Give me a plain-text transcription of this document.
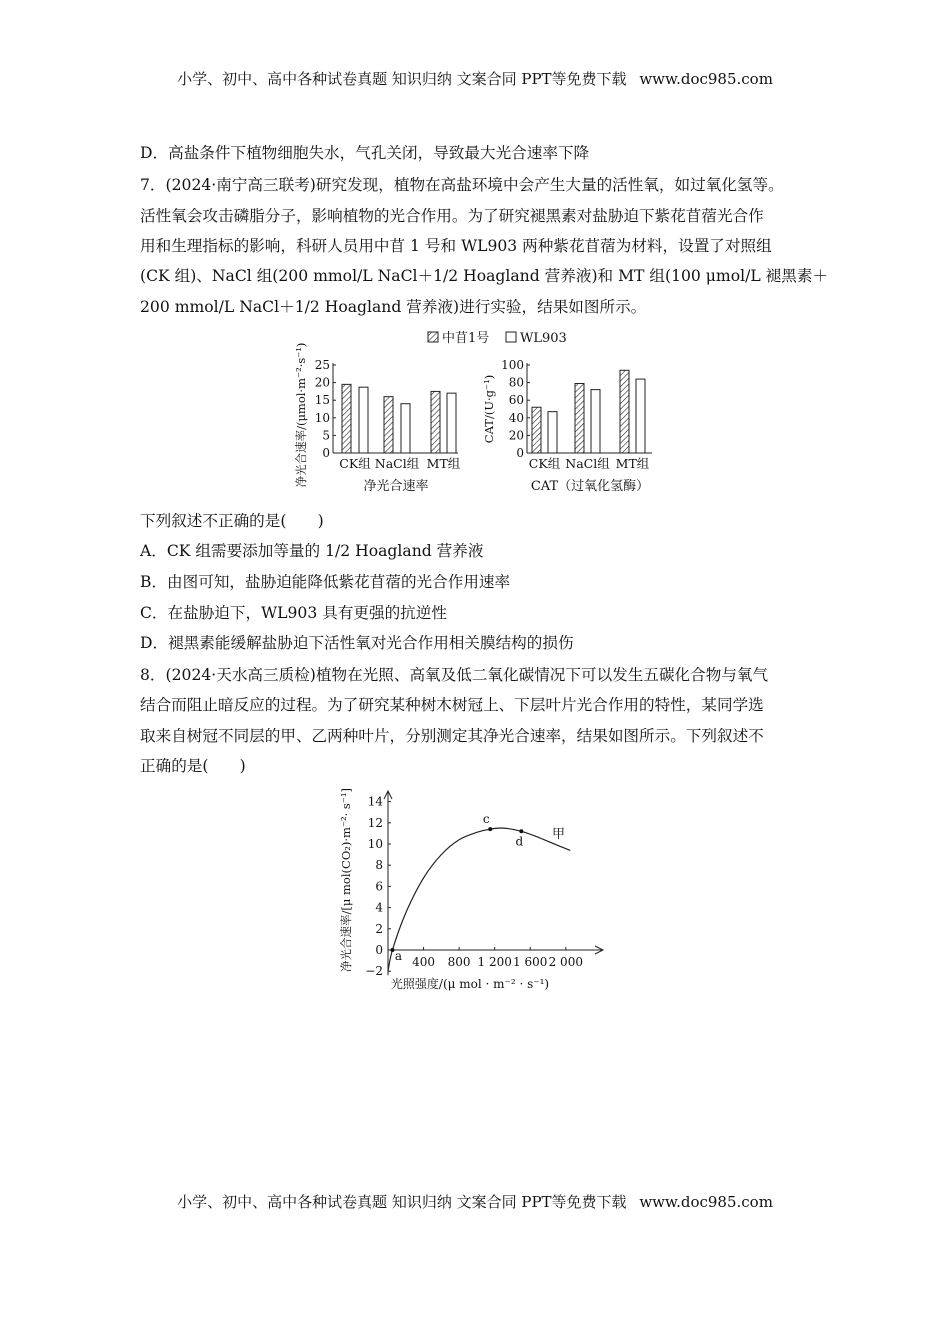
小学、初中、高中各种试卷真题 知识归纳 文案合同 PPT等免费下载 www.doc985.com
D．高盐条件下植物细胞失水，气孔关闭，导致最大光合速率下降
7．(2024·南宁高三联考)研究发现，植物在高盐环境中会产生大量的活性氧，如过氧化氢等。
活性氧会攻击磷脂分子，影响植物的光合作用。为了研究褪黑素对盐胁迫下紫花苜蓿光合作
用和生理指标的影响，科研人员用中苜 1 号和 WL903 两种紫花苜蓿为材料，设置了对照组
(CK 组)、NaCl 组(200 mmol/L NaCl＋1/2 Hoagland 营养液)和 MT 组(100 μmol/L 褪黑素＋
200 mmol/L NaCl＋1/2 Hoagland 营养液)进行实验，结果如图所示。
中苜1号 WL903
0
5
10
15
20
25
CK组 NaCl组 MT组
净光合速率
净光合速率/(μmol·m⁻²·s⁻¹)	0
20
40
60
80
100
CK组 NaCl组 MT组
CAT（过氧化氢酶）
CAT/(U·g⁻¹)
下列叙述不正确的是(　　)
A．CK 组需要添加等量的 1/2 Hoagland 营养液
B．由图可知，盐胁迫能降低紫花苜蓿的光合作用速率
C．在盐胁迫下，WL903 具有更强的抗逆性
D．褪黑素能缓解盐胁迫下活性氧对光合作用相关膜结构的损伤
8．(2024·天水高三质检)植物在光照、高氧及低二氧化碳情况下可以发生五碳化合物与氧气
结合而阻止暗反应的过程。为了研究某种树木树冠上、下层叶片光合作用的特性，某同学选
取来自树冠不同层的甲、乙两种叶片，分别测定其净光合速率，结果如图所示。下列叙述不
正确的是(　　)
−2
0
2
4
6
8
10
12
14
400 800 1 200 1 600 2 000
甲
a
c
d
光照强度/(μ mol · m⁻² · s⁻¹)
净光合速率/[μ mol(CO₂)·m⁻²· s⁻¹]
小学、初中、高中各种试卷真题 知识归纳 文案合同 PPT等免费下载 www.doc985.com
